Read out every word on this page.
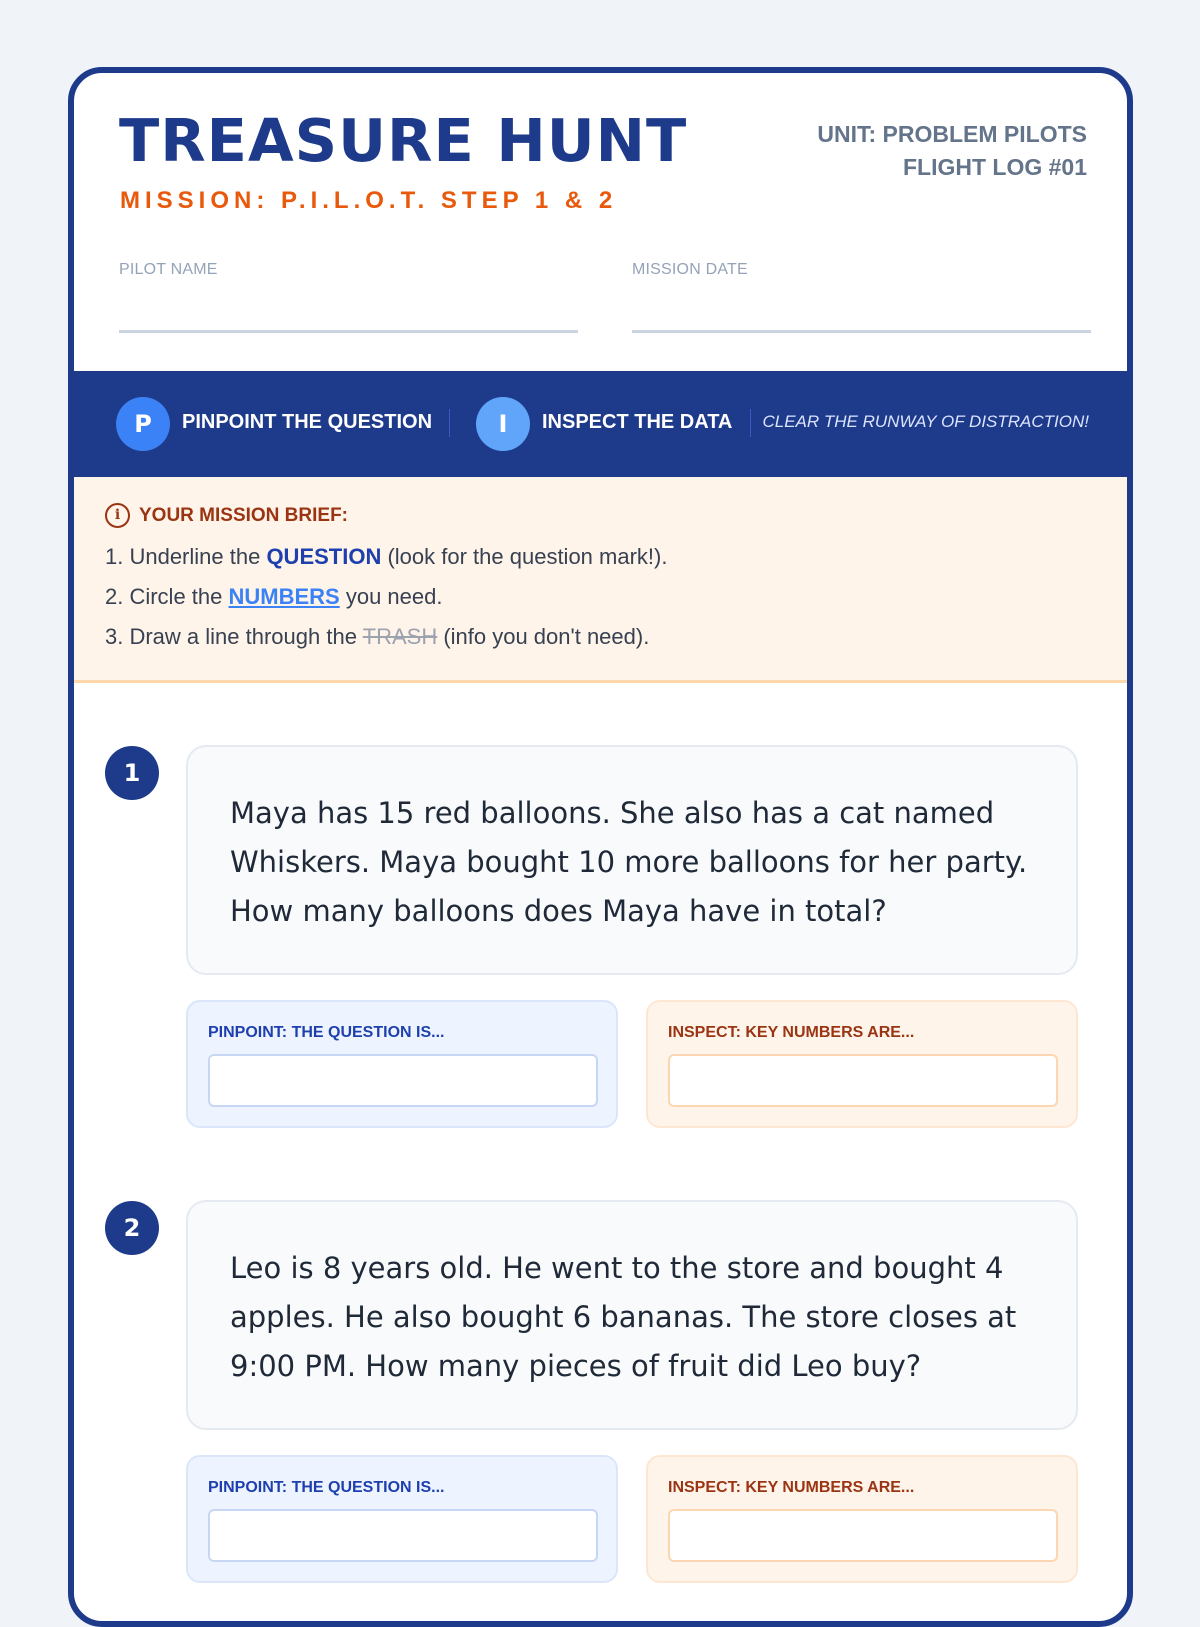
TREASURE HUNT
MISSION: P.I.L.O.T. STEP 1 & 2
UNIT: PROBLEM PILOTS
FLIGHT LOG #01
PILOT NAME	MISSION DATE
P	PINPOINT THE QUESTION	I	INSPECT THE DATA CLEAR THE RUNWAY OF DISTRACTION!
i YOUR MISSION BRIEF:
1. Underline the QUESTION (look for the question mark!).
2. Circle the NUMBERS you need.
3. Draw a line through the TRASH (info you don't need).
1
Maya has 15 red balloons. She also has a cat named Whiskers. Maya bought 10 more balloons for her party. How many balloons does Maya have in total?
PINPOINT: THE QUESTION IS...	INSPECT: KEY NUMBERS ARE...
2
Leo is 8 years old. He went to the store and bought 4 apples. He also bought 6 bananas. The store closes at 9:00 PM. How many pieces of fruit did Leo buy?
PINPOINT: THE QUESTION IS...	INSPECT: KEY NUMBERS ARE...
